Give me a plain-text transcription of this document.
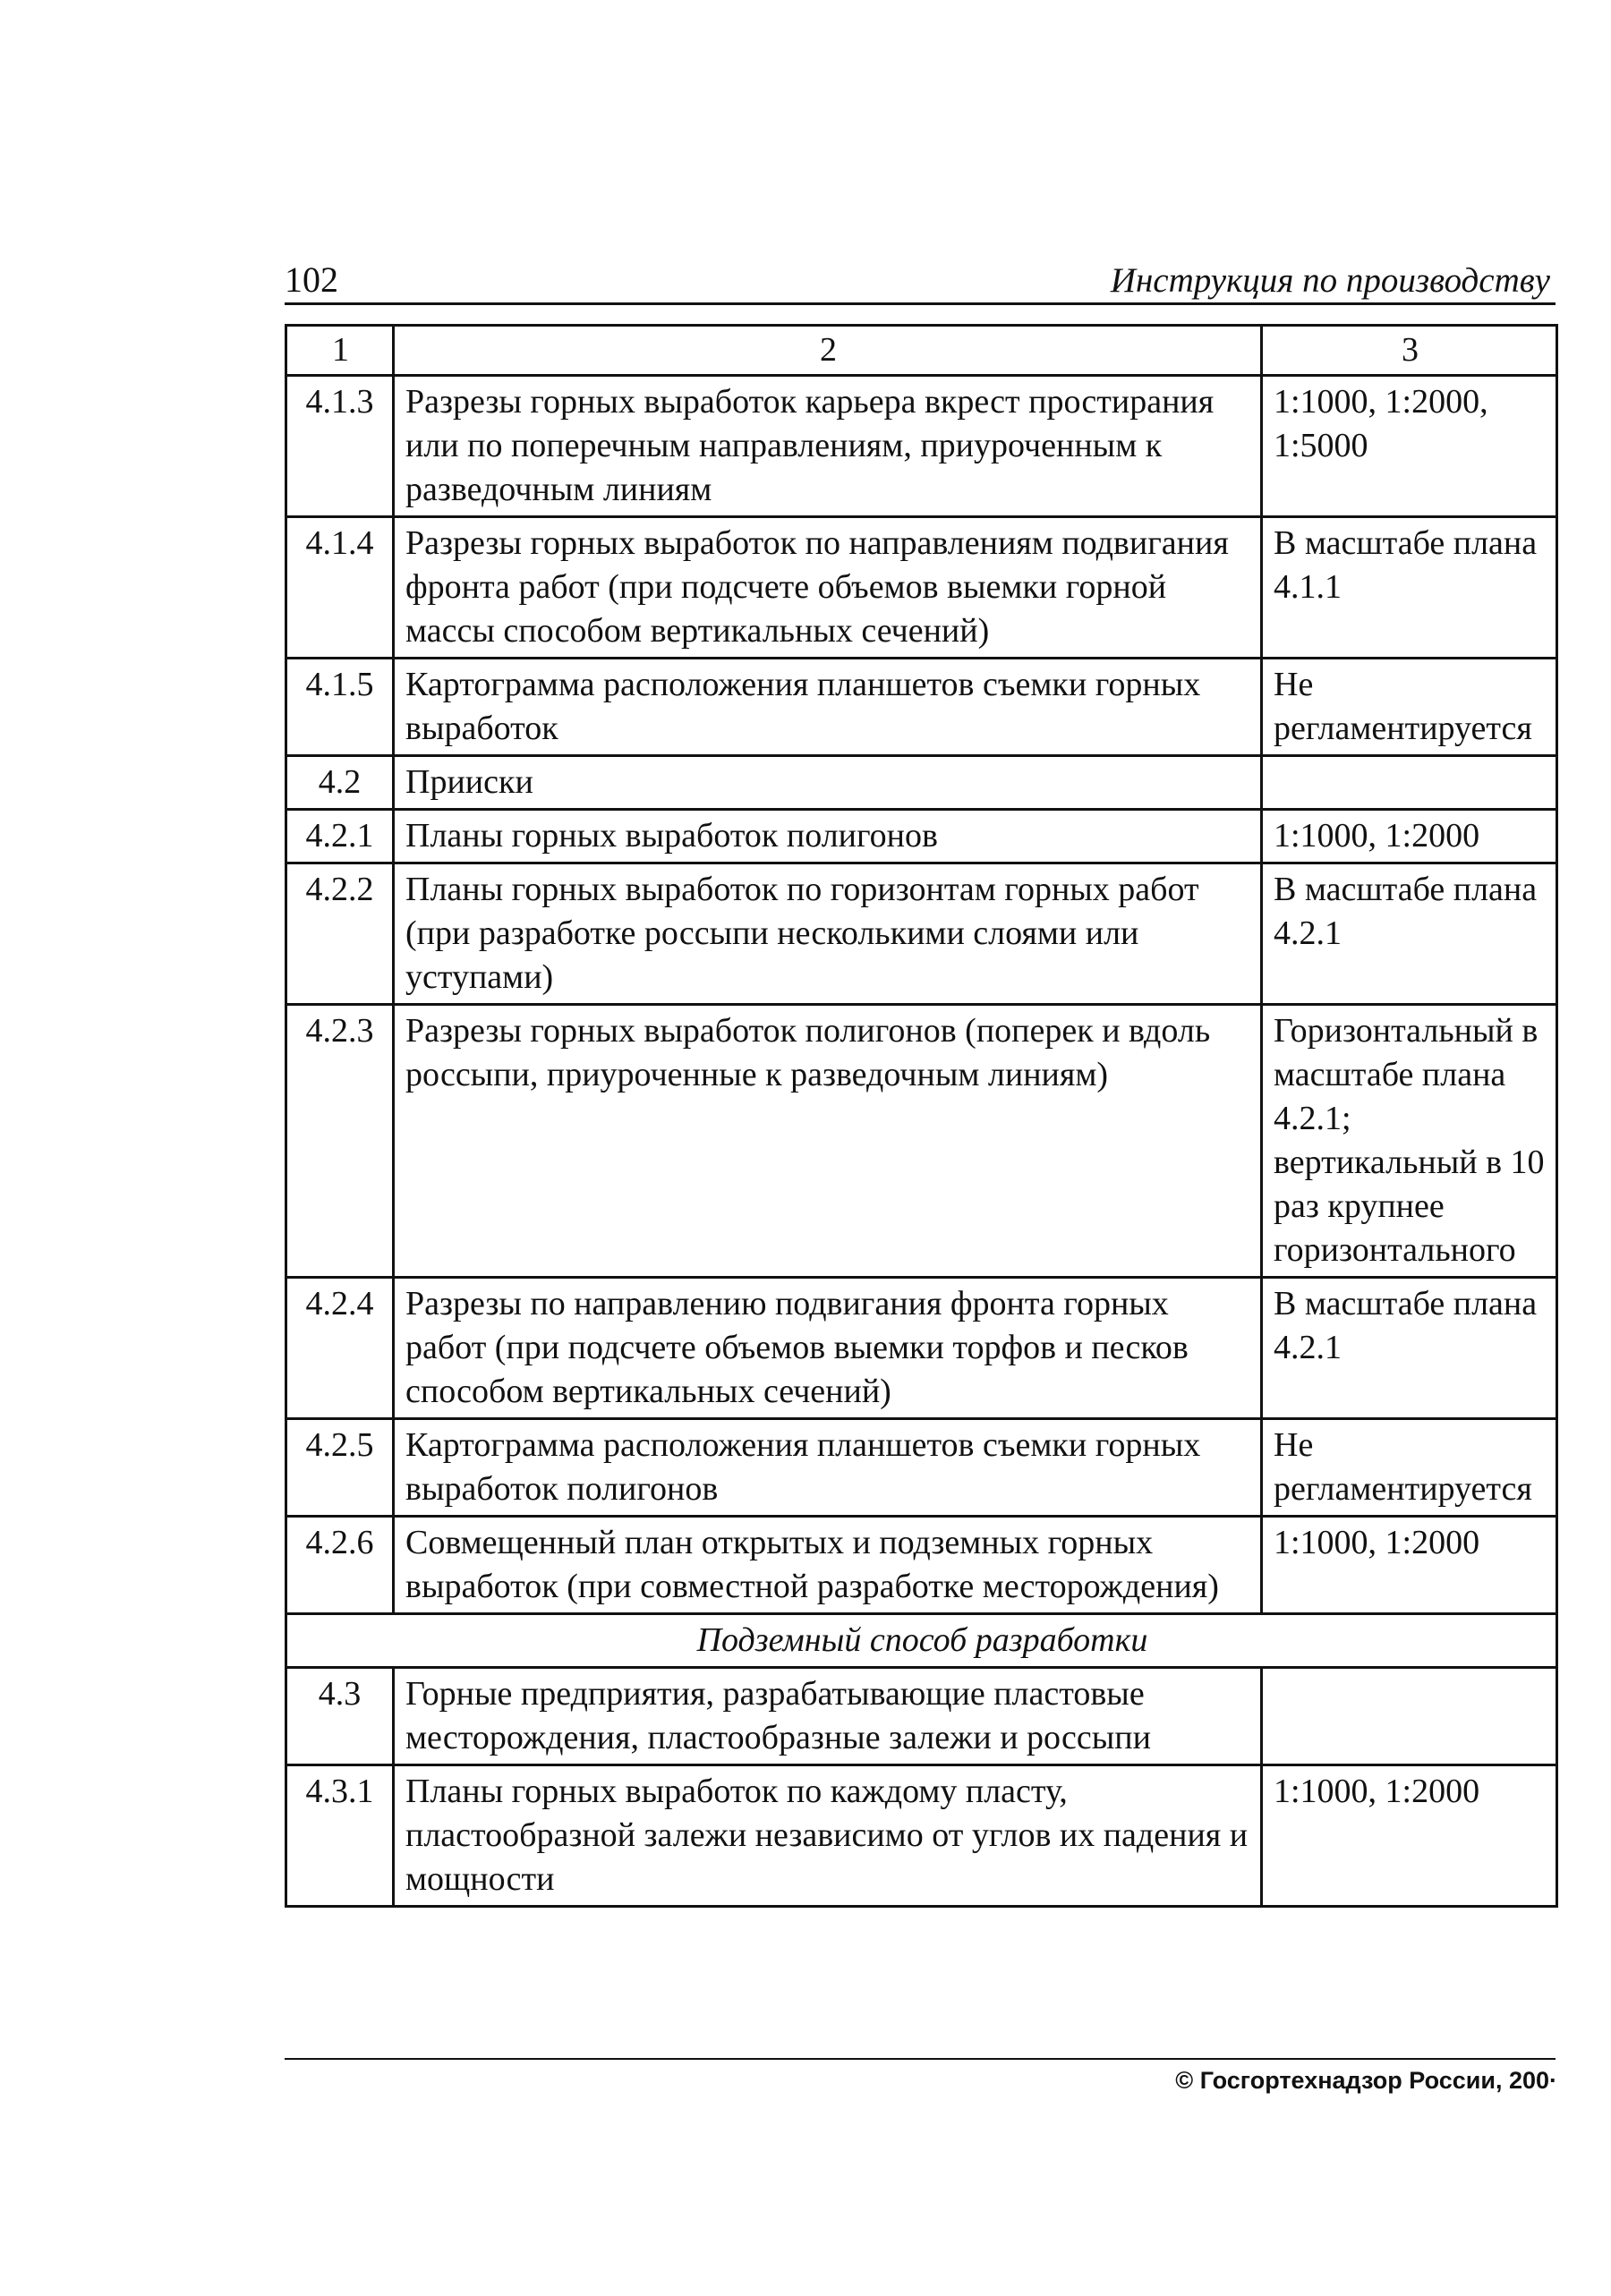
102	Инструкция по производству
1	2	3
4.1.3	Разрезы горных выработок карьера вкрест простирания или по поперечным направлениям, приуроченным к разведочным линиям	1:1000, 1:2000, 1:5000
4.1.4	Разрезы горных выработок по направлениям подвигания фронта работ (при подсчете объемов выемки горной массы способом вертикальных сечений)	В масштабе плана 4.1.1
4.1.5	Картограмма расположения планшетов съемки горных выработок	Не регламентируется
4.2	Прииски	
4.2.1	Планы горных выработок полигонов	1:1000, 1:2000
4.2.2	Планы горных выработок по горизонтам горных работ (при разработке россыпи несколькими слоями или уступами)	В масштабе плана 4.2.1
4.2.3	Разрезы горных выработок полигонов (поперек и вдоль россыпи, приуроченные к разведочным линиям)	Горизонтальный в масштабе плана 4.2.1; вертикальный в 10 раз крупнее горизонтального
4.2.4	Разрезы по направлению подвигания фронта горных работ (при подсчете объемов выемки торфов и песков способом вертикальных сечений)	В масштабе плана 4.2.1
4.2.5	Картограмма расположения планшетов съемки горных выработок полигонов	Не регламентируется
4.2.6	Совмещенный план открытых и подземных горных выработок (при совместной разработке месторождения)	1:1000, 1:2000
Подземный способ разработки		
4.3	Горные предприятия, разрабатывающие пластовые месторождения, пластообразные залежи и россыпи	
4.3.1	Планы горных выработок по каждому пласту, пластообразной залежи независимо от углов их падения и мощности	1:1000, 1:2000
© Госгортехнадзор России, 200·
